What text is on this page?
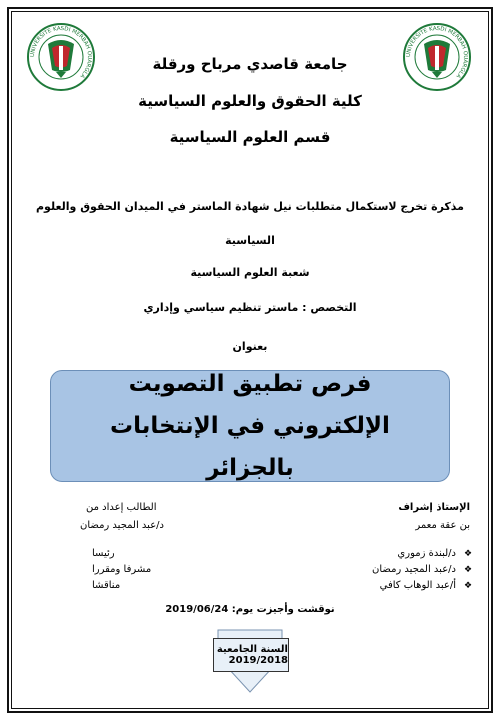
UNIVERSITE KASDI MERBAH OUARGLA
UNIVERSITE KASDI MERBAH OUARGLA
جامعة قاصدي مرباح ورقلة
كلية الحقوق والعلوم السياسية
قسم العلوم السياسية
مذكرة تخرج لاستكمال متطلبات نيل شهادة الماستر في الميدان الحقوق والعلوم
السياسية
شعبة العلوم السياسية
التخصص : ماستر تنظيم سياسي وإداري
بعنوان
فرص تطبيق التصويت الإلكتروني في الإنتخابات بالجزائر
الإستاذ إشراف
الطالب إعداد من
بن عقة معمر
د/عبد المجيد رمضان
❖
د/لبندة زموري
رئيسا
❖
د/عبد المجيد رمضان
مشرفا ومقررا
❖
أ/عبد الوهاب كافي
مناقشا
نوقشت وأجيزت يوم: 2019/06/24
السنة الجامعية 2019/2018
